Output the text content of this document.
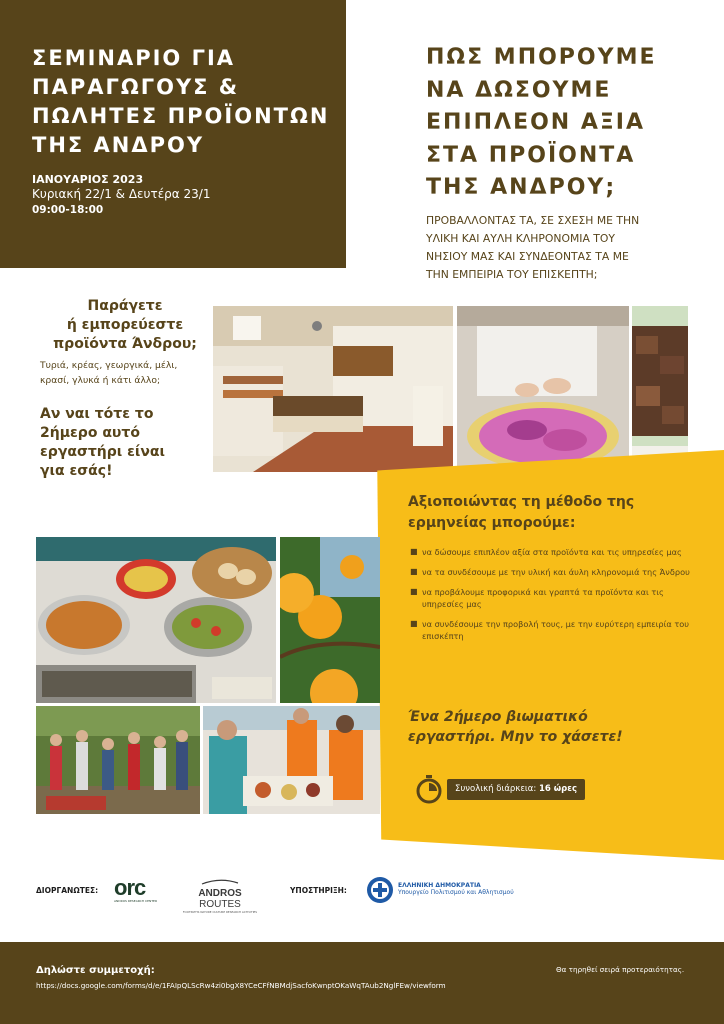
ΣΕΜΙΝΑΡΙΟ ΓΙΑ
ΠΑΡΑΓΩΓΟΥΣ &
ΠΩΛΗΤΕΣ ΠΡΟΪΟΝΤΩΝ
ΤΗΣ ΑΝΔΡΟΥ
ΙΑΝΟΥΑΡΙΟΣ 2023
Κυριακή 22/1 & Δευτέρα 23/1
09:00-18:00
ΠΩΣ ΜΠΟΡΟΥΜΕ
ΝΑ ΔΩΣΟΥΜΕ
ΕΠΙΠΛΕΟΝ ΑΞΙΑ
ΣΤΑ ΠΡΟΪΟΝΤΑ
ΤΗΣ ΑΝΔΡΟΥ;
ΠΡΟΒΑΛΛΟΝΤΑΣ ΤΑ, ΣΕ ΣΧΕΣΗ ΜΕ ΤΗΝ
ΥΛΙΚΗ ΚΑΙ ΑΥΛΗ ΚΛΗΡΟΝΟΜΙΑ ΤΟΥ
ΝΗΣΙΟΥ ΜΑΣ ΚΑΙ ΣΥΝΔΕΟΝΤΑΣ ΤΑ ΜΕ
ΤΗΝ ΕΜΠΕΙΡΙΑ ΤΟΥ ΕΠΙΣΚΕΠΤΗ;
Παράγετε
ή εμπορεύεστε
προϊόντα Άνδρου;
Τυριά, κρέας, γεωργικά, μέλι,
κρασί, γλυκά ή κάτι άλλο;
Αν ναι τότε το
2ήμερο αυτό
εργαστήρι είναι
για εσάς!
Αξιοποιώντας τη μέθοδο της
ερμηνείας μπορούμε:
■ να δώσουμε επιπλέον αξία στα προϊόντα και τις υπηρεσίες μας
■ να τα συνδέσουμε με την υλική και άυλη κληρονομιά της Άνδρου
■ να προβάλουμε προφορικά και γραπτά τα προϊόντα και τις υπηρεσίες μας
■ να συνδέσουμε την προβολή τους, με την ευρύτερη εμπειρία του επισκέπτη
Ένα 2ήμερο βιωματικό
εργαστήρι. Μην το χάσετε!
Συνολική διάρκεια: 16 ώρες
ΔΙΟΡΓΑΝΩΤΕΣ: orc
ANDROS RESEARCH CENTER
ANDROS
ROUTES
FOOTPATHS NATURE CULTURE RESEARCH ACTIVITIES
ΥΠΟΣΤΗΡΙΞΗ:
ΕΛΛΗΝΙΚΗ ΔΗΜΟΚΡΑΤΙΑ
Υπουργείο Πολιτισμού και Αθλητισμού
Δηλώστε συμμετοχή:
https://docs.google.com/forms/d/e/1FAIpQLScRw4zi0bgX8YCeCFfNBMdjSacfoKwnptOKaWqTAub2NglFEw/viewform
Θα τηρηθεί σειρά προτεραιότητας.
